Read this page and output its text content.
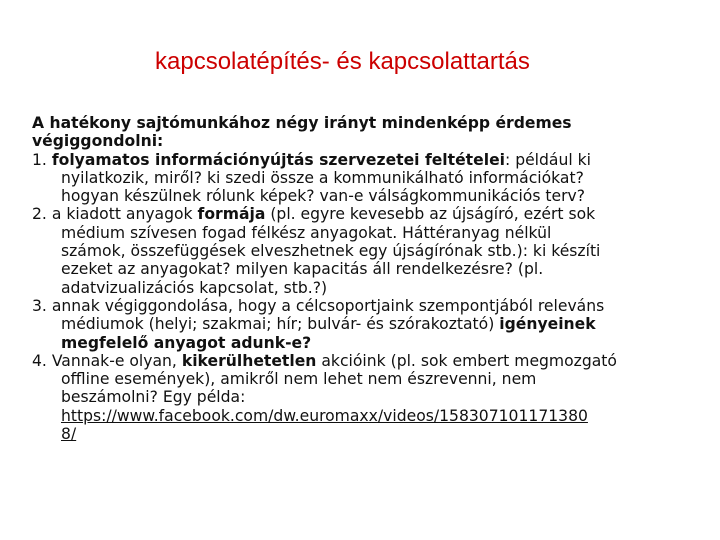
kapcsolatépítés- és kapcsolattartás
A hatékony sajtómunkához négy irányt mindenképp érdemes
végiggondolni:
1. folyamatos információnyújtás szervezetei feltételei: például ki
nyilatkozik, miről? ki szedi össze a kommunikálható információkat?
hogyan készülnek rólunk képek? van-e válságkommunikációs terv?
2. a kiadott anyagok formája (pl. egyre kevesebb az újságíró, ezért sok
médium szívesen fogad félkész anyagokat. Háttéranyag nélkül
számok, összefüggések elveszhetnek egy újságírónak stb.): ki készíti
ezeket az anyagokat? milyen kapacitás áll rendelkezésre? (pl.
adatvizualizációs kapcsolat, stb.?)
3. annak végiggondolása, hogy a célcsoportjaink szempontjából releváns
médiumok (helyi; szakmai; hír; bulvár- és szórakoztató) igényeinek
megfelelő anyagot adunk-e?
4. Vannak-e olyan, kikerülhetetlen akcióink (pl. sok embert megmozgató
offline események), amikről nem lehet nem észrevenni, nem
beszámolni? Egy példa:
https://www.facebook.com/dw.euromaxx/videos/158307101171380
8/
